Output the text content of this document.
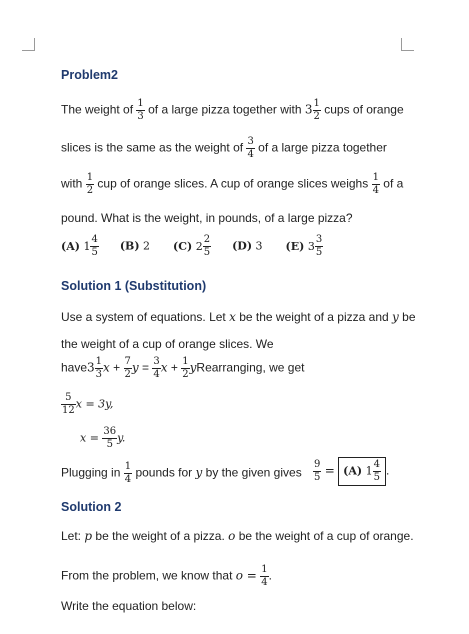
Problem2
The weight of $\frac{1}{3}$ of a large pizza together with $3 \frac{1}{2}$ cups of orange
slices is the same as the weight of $\frac{3}{4}$ of a large pizza together
with $\frac{1}{2}$ cup of orange slices. A cup of orange slices weighs $\frac{1}{4}$ of a
pound. What is the weight, in pounds, of a large pizza?
(A) $1 \frac{4}{5} (B)$ 2 (C) $2 \frac{2}{5} (D)$ 3 (E) $3 \frac{3}{5}$
Solution 1 (Substitution)
Use a system of equations. Let x be the weight of a pizza and y be
the weight of a cup of orange slices. We
have3 $\frac{1}{3}$ $x + \frac{7}{2}$ $y = \frac{3}{4}$ $x + \frac{1}{2}$ yRearranging, we get
$\frac{5}{12}$ x = 3y,
$x = \frac{36}{5} y$.
Plugging in $\frac{1}{4}$ pounds for y by the given gives $\frac{9}{5} = (A)$ $1 \frac{4}{5}$ .
Solution 2
Let: p be the weight of a pizza. o be the weight of a cup of orange.
From the problem, we know that $o = \frac{1}{4}$ .
Write the equation below:
